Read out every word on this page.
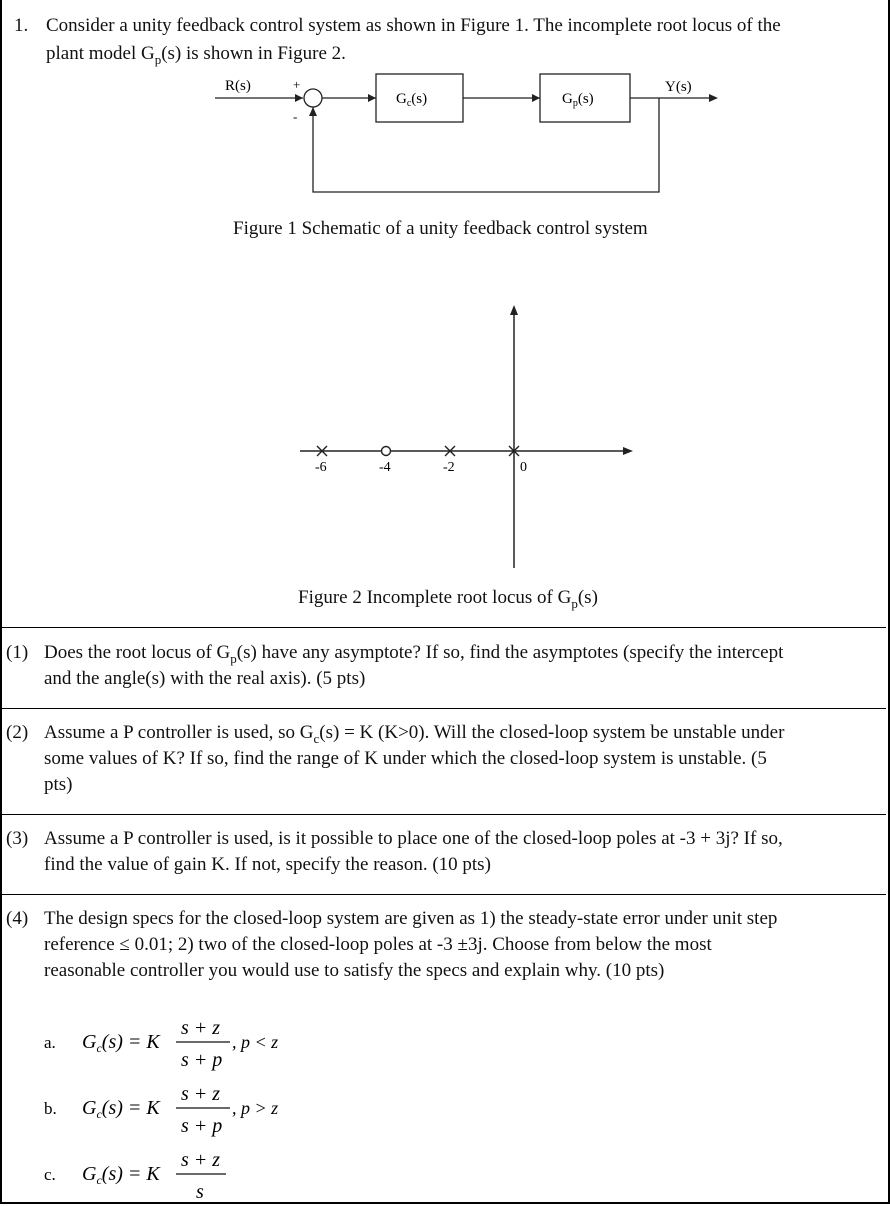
1. Consider a unity feedback control system as shown in Figure 1. The incomplete root locus of the
plant model $G_p(s)$ is shown in Figure 2.
R(s)	+
-
$G_c(s)$	$G_p(s)$
Y(s)
Figure 1 Schematic of a unity feedback control system
-6	-4	-2	0
Figure 2 Incomplete root locus of $G_p(s)$
(1) Does the root locus of $G_p(s)$ have any asymptote? If so, find the asymptotes (specify the intercept
and the angle(s) with the real axis). (5 pts)
(2) Assume a P controller is used, so $G_c(s) = K$ (K>0). Will the closed-loop system be unstable under
some values of K? If so, find the range of K under which the closed-loop system is unstable. (5
pts)
(3) Assume a P controller is used, is it possible to place one of the closed-loop poles at -3 + 3j? If so,
find the value of gain K. If not, specify the reason. (10 pts)
(4) The design specs for the closed-loop system are given as 1) the steady-state error under unit step
reference ≤ 0.01; 2) two of the closed-loop poles at -3 ±3j. Choose from below the most
reasonable controller you would use to satisfy the specs and explain why. (10 pts)
a. $G_c(s) = K$
s + z
s + p
, p < z
b. $G_c(s) = K$
s + z
s + p
, p > z
c. $G_c(s) = K$
s + z
s
